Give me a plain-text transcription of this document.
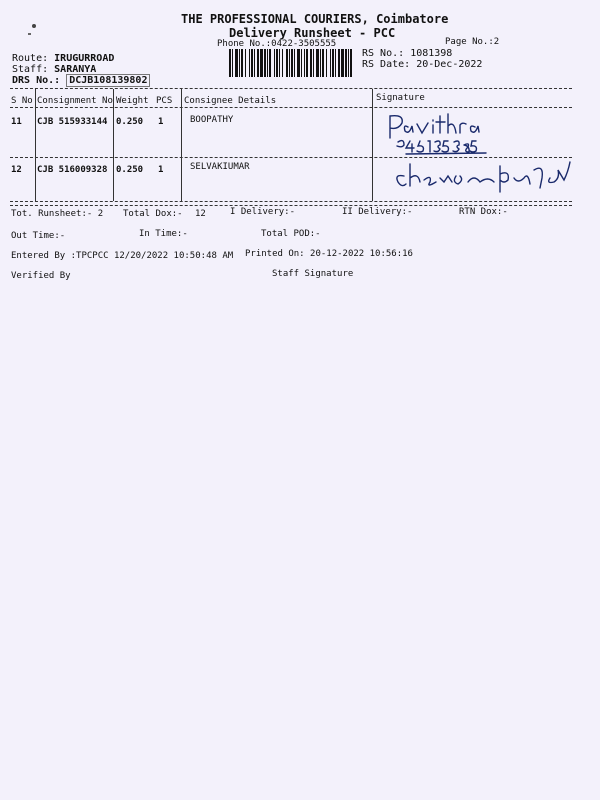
THE PROFESSIONAL COURIERS, Coimbatore
Delivery Runsheet - PCC
Phone No.:0422-3505555	Page No.:2
Route: IRUGURROAD
Staff: SARANYA
DRS No.: DCJB108139802
RS No.: 1081398
RS Date: 20-Dec-2022
S No Consignment No Weight PCS Consignee Details	Signature
11 CJB 515933144 0.250 1	BOOPATHY
12 CJB 516009328 0.250 1	SELVAKIUMAR
Tot. Runsheet:- 2 Total Dox:- 12	I Delivery:-	II Delivery:-	RTN Dox:-
Out Time:-	In Time:-	Total POD:-
Entered By :TPCPCC 12/20/2022 10:50:48 AM Printed On: 20-12-2022 10:56:16
Verified By	Staff Signature
